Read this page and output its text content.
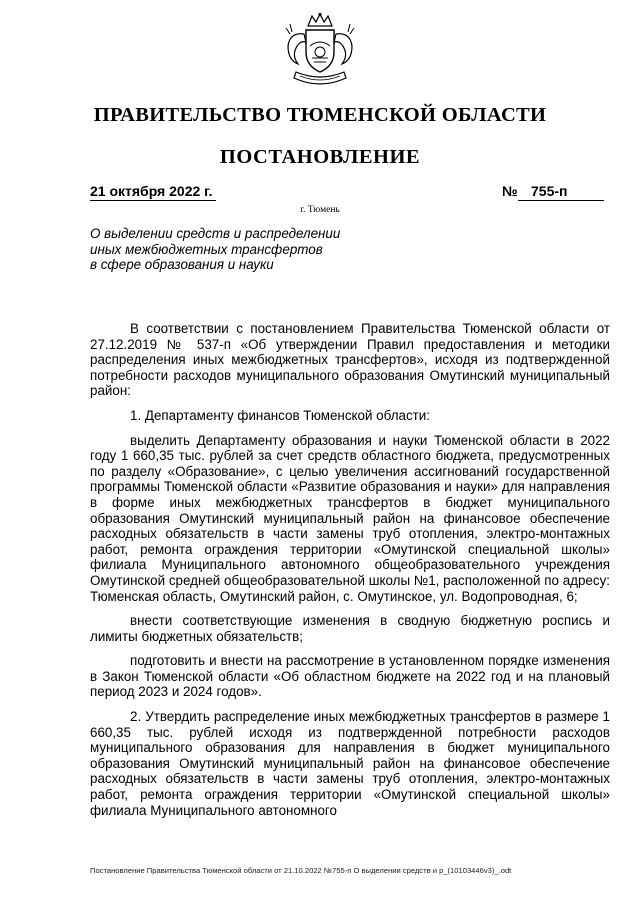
ПРАВИТЕЛЬСТВО ТЮМЕНСКОЙ ОБЛАСТИ
ПОСТАНОВЛЕНИЕ
21 октября 2022 г.	№ 755-п
г. Тюмень
О выделении средств и распределении
иных межбюджетных трансфертов
в сфере образования и науки

В соответствии с постановлением Правительства Тюменской области от 27.12.2019 № 537-п «Об утверждении Правил предоставления и методики распределения иных межбюджетных трансфертов», исходя из подтвержденной потребности расходов муниципального образования Омутинский муниципальный район:

1. Департаменту финансов Тюменской области:

выделить Департаменту образования и науки Тюменской области в 2022 году 1 660,35 тыс. рублей за счет средств областного бюджета, предусмотренных по разделу «Образование», с целью увеличения ассигнований государственной программы Тюменской области «Развитие образования и науки» для направления в форме иных межбюджетных трансфертов в бюджет муниципального образования Омутинский муниципальный район на финансовое обеспечение расходных обязательств в части замены труб отопления, электро-монтажных работ, ремонта ограждения территории «Омутинской специальной школы» филиала Муниципального автономного общеобразовательного учреждения Омутинской средней общеобразовательной школы №1, расположенной по адресу: Тюменская область, Омутинский район, с. Омутинское, ул. Водопроводная, 6;

внести соответствующие изменения в сводную бюджетную роспись и лимиты бюджетных обязательств;

подготовить и внести на рассмотрение в установленном порядке изменения в Закон Тюменской области «Об областном бюджете на 2022 год и на плановый период 2023 и 2024 годов».

2. Утвердить распределение иных межбюджетных трансфертов в размере 1 660,35 тыс. рублей исходя из подтвержденной потребности расходов муниципального образования для направления в бюджет муниципального образования Омутинский муниципальный район на финансовое обеспечение расходных обязательств в части замены труб отопления, электро-монтажных работ, ремонта ограждения территории «Омутинской специальной школы» филиала Муниципального автономного

Постановление Правительства Тюменской области от 21.10.2022 №755-п О выделении средств и р_(10103446v3)_.odt
